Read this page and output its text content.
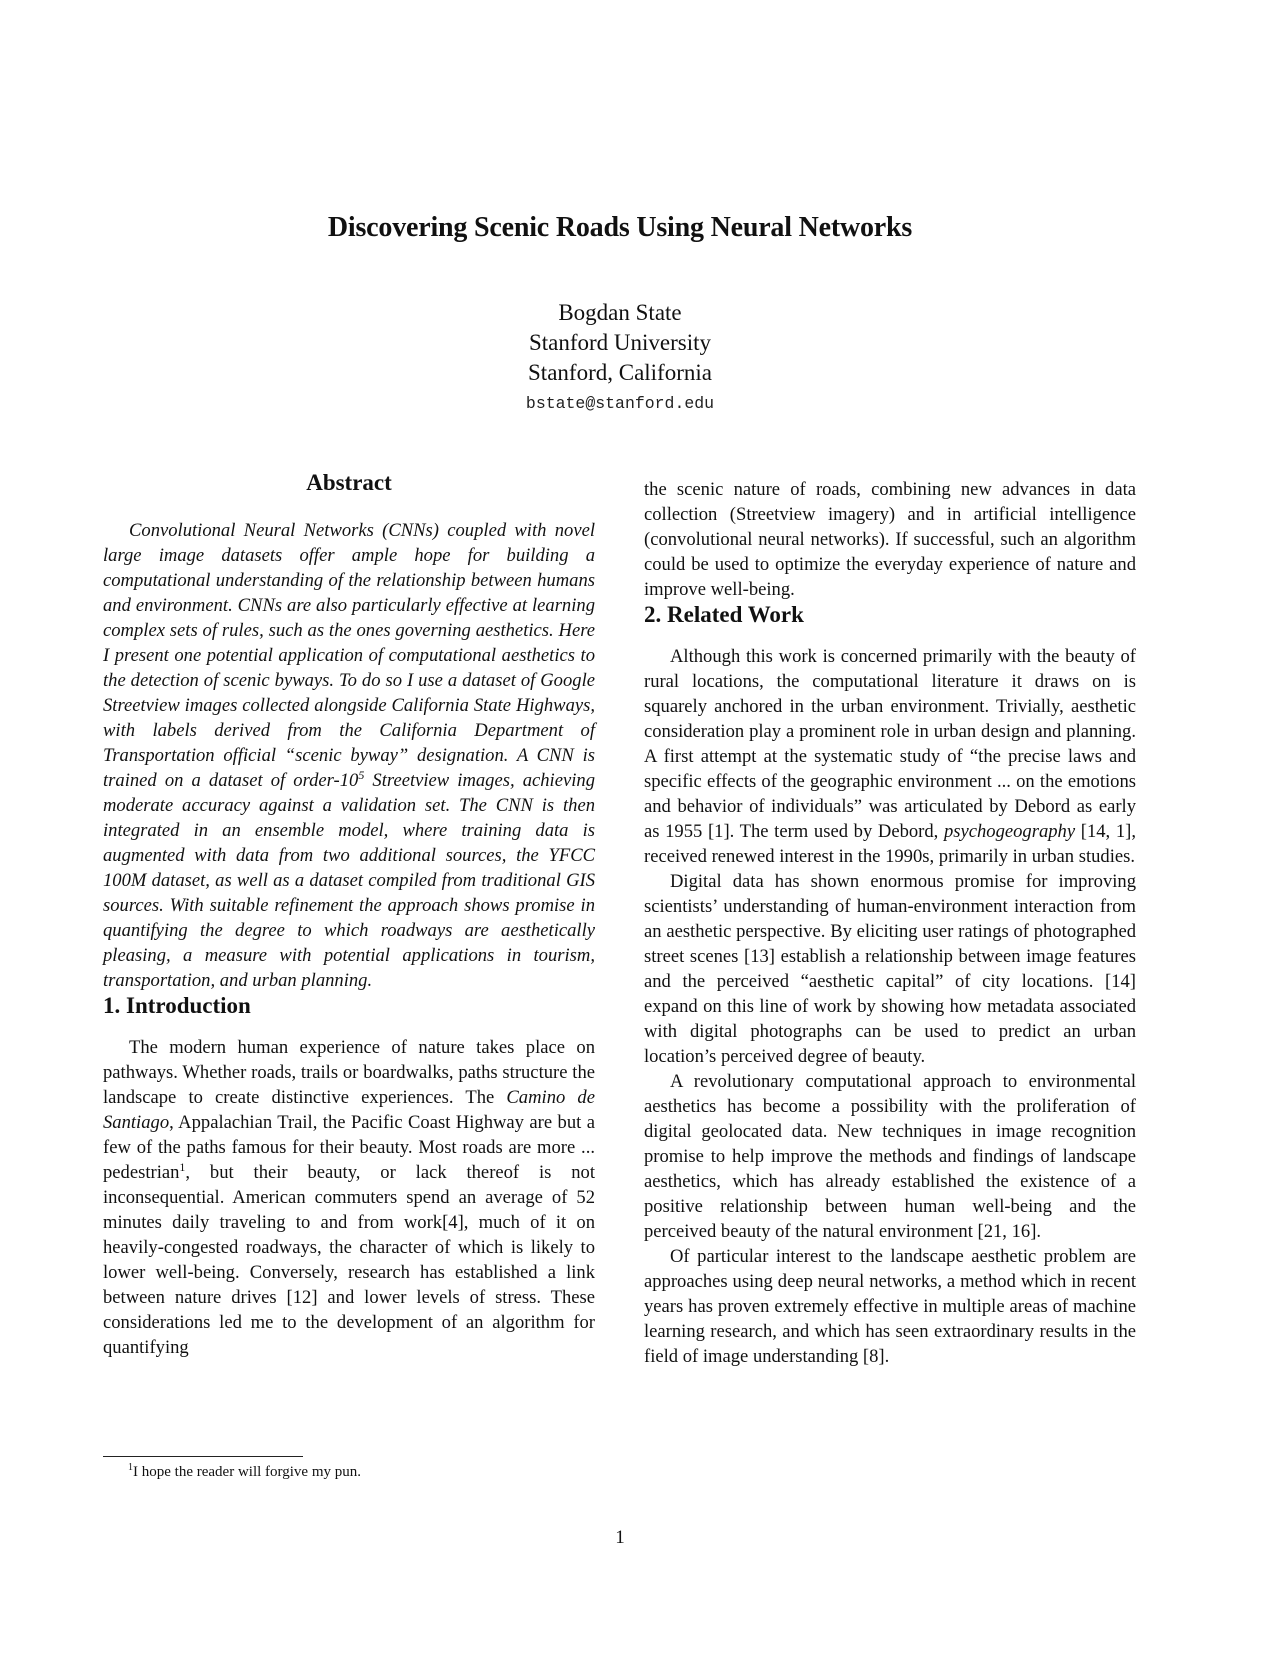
Discovering Scenic Roads Using Neural Networks
Bogdan State
Stanford University
Stanford, California
bstate@stanford.edu
Abstract

Convolutional Neural Networks (CNNs) coupled with novel large image datasets offer ample hope for building a computational understanding of the relationship between humans and environment. CNNs are also particularly effective at learning complex sets of rules, such as the ones governing aesthetics. Here I present one potential application of computational aesthetics to the detection of scenic byways. To do so I use a dataset of Google Streetview images collected alongside California State Highways, with labels derived from the California Department of Transportation official “scenic byway” designation. A CNN is trained on a dataset of order-$10^5$ Streetview images, achieving moderate accuracy against a validation set. The CNN is then integrated in an ensemble model, where training data is augmented with data from two additional sources, the YFCC 100M dataset, as well as a dataset compiled from traditional GIS sources. With suitable refinement the approach shows promise in quantifying the degree to which roadways are aesthetically pleasing, a measure with potential applications in tourism, transportation, and urban planning.

1. Introduction

The modern human experience of nature takes place on pathways. Whether roads, trails or boardwalks, paths structure the landscape to create distinctive experiences. The Camino de Santiago, Appalachian Trail, the Pacific Coast Highway are but a few of the paths famous for their beauty. Most roads are more ... pedestrian$^1$, but their beauty, or lack thereof is not inconsequential. American commuters spend an average of 52 minutes daily traveling to and from work[4], much of it on heavily-congested roadways, the character of which is likely to lower well-being. Conversely, research has established a link between nature drives [12] and lower levels of stress. These considerations led me to the development of an algorithm for quantifying

the scenic nature of roads, combining new advances in data collection (Streetview imagery) and in artificial intelligence (convolutional neural networks). If successful, such an algorithm could be used to optimize the everyday experience of nature and improve well-being.

2. Related Work

Although this work is concerned primarily with the beauty of rural locations, the computational literature it draws on is squarely anchored in the urban environment. Trivially, aesthetic consideration play a prominent role in urban design and planning. A first attempt at the systematic study of “the precise laws and specific effects of the geographic environment ... on the emotions and behavior of individuals” was articulated by Debord as early as 1955 [1]. The term used by Debord, psychogeography [14, 1], received renewed interest in the 1990s, primarily in urban studies.

Digital data has shown enormous promise for improving scientists’ understanding of human-environment interaction from an aesthetic perspective. By eliciting user ratings of photographed street scenes [13] establish a relationship between image features and the perceived “aesthetic capital” of city locations. [14] expand on this line of work by showing how metadata associated with digital photographs can be used to predict an urban location’s perceived degree of beauty.

A revolutionary computational approach to environmental aesthetics has become a possibility with the proliferation of digital geolocated data. New techniques in image recognition promise to help improve the methods and findings of landscape aesthetics, which has already established the existence of a positive relationship between human well-being and the perceived beauty of the natural environment [21, 16].

Of particular interest to the landscape aesthetic problem are approaches using deep neural networks, a method which in recent years has proven extremely effective in multiple areas of machine learning research, and which has seen extraordinary results in the field of image understanding [8].

$^1$I hope the reader will forgive my pun.
1
